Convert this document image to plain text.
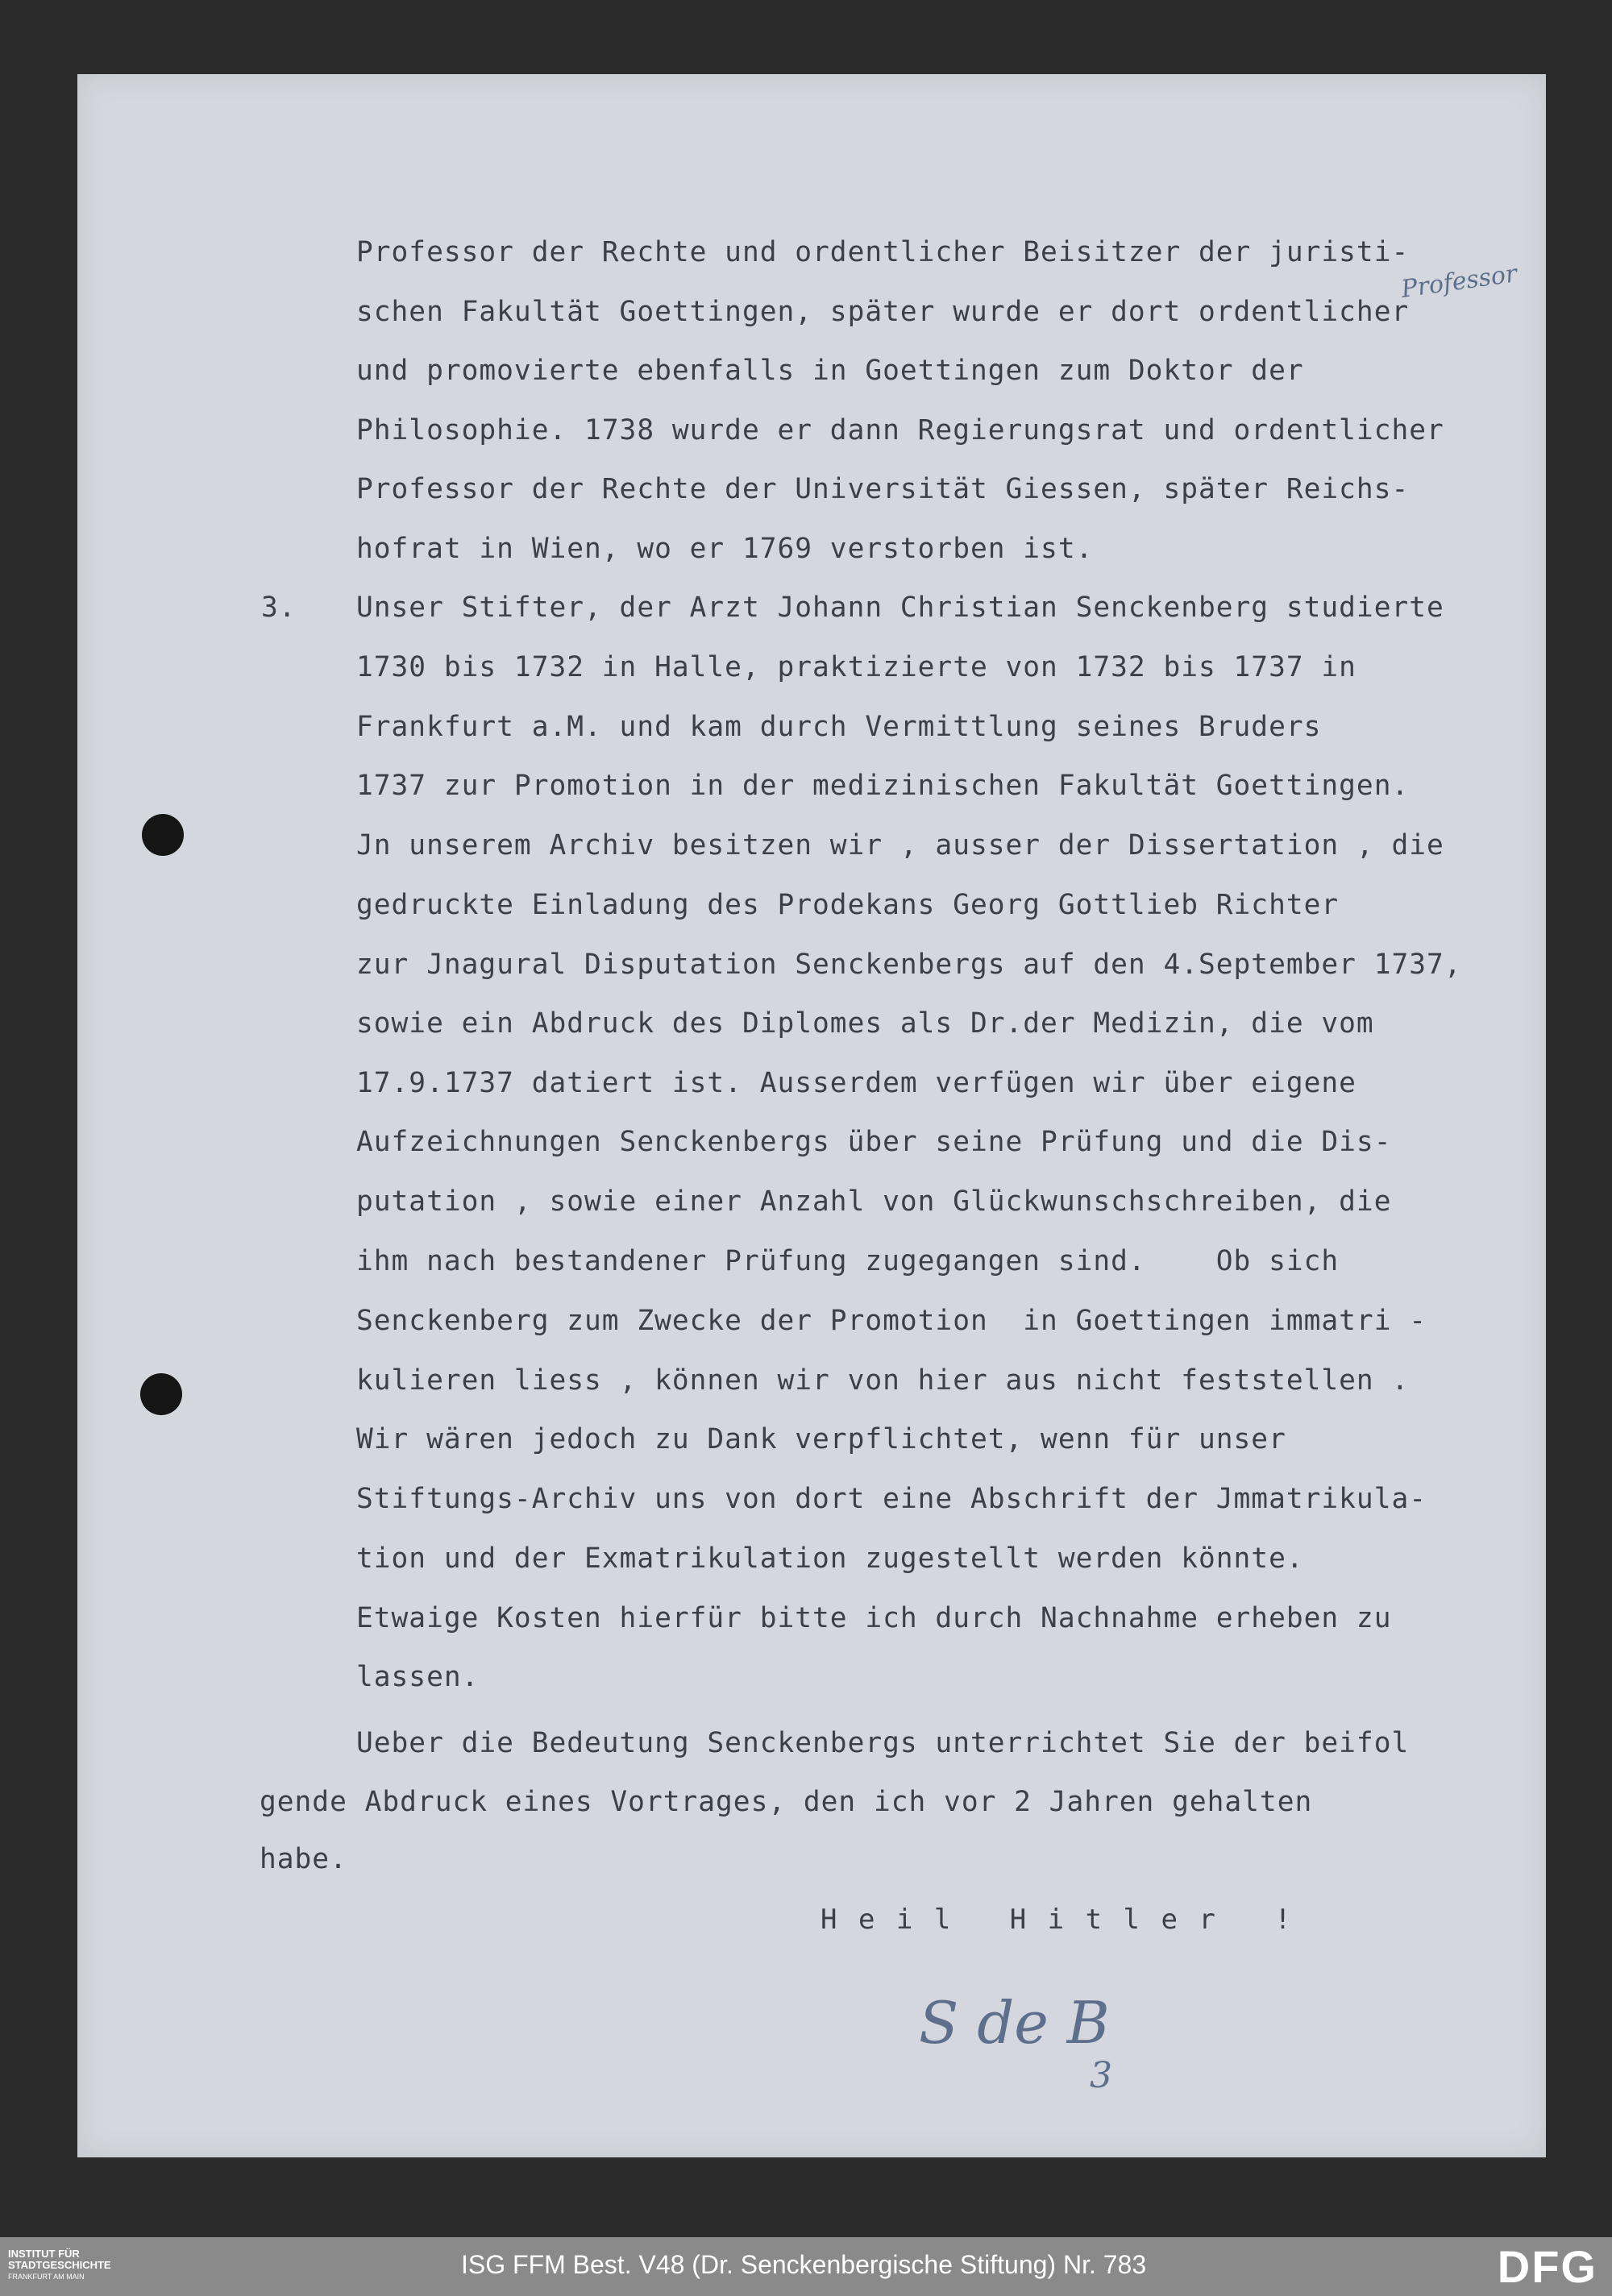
Professor der Rechte und ordentlicher Beisitzer der juristi-
schen Fakultät Goettingen, später wurde er dort ordentlicher
und promovierte ebenfalls in Goettingen zum Doktor der
Philosophie. 1738 wurde er dann Regierungsrat und ordentlicher
Professor der Rechte der Universität Giessen, später Reichs-
hofrat in Wien, wo er 1769 verstorben ist.
3. Unser Stifter, der Arzt Johann Christian Senckenberg studierte
1730 bis 1732 in Halle, praktizierte von 1732 bis 1737 in
Frankfurt a.M. und kam durch Vermittlung seines Bruders
1737 zur Promotion in der medizinischen Fakultät Goettingen.
Jn unserem Archiv besitzen wir , ausser der Dissertation , die
gedruckte Einladung des Prodekans Georg Gottlieb Richter
zur Jnagural Disputation Senckenbergs auf den 4.September 1737,
sowie ein Abdruck des Diplomes als Dr.der Medizin, die vom
17.9.1737 datiert ist. Ausserdem verfügen wir über eigene
Aufzeichnungen Senckenbergs über seine Prüfung und die Dis-
putation , sowie einer Anzahl von Glückwunschschreiben, die
ihm nach bestandener Prüfung zugegangen sind.    Ob sich
Senckenberg zum Zwecke der Promotion  in Goettingen immatri -
kulieren liess , können wir von hier aus nicht feststellen .
Wir wären jedoch zu Dank verpflichtet, wenn für unser
Stiftungs-Archiv uns von dort eine Abschrift der Jmmatrikula-
tion und der Exmatrikulation zugestellt werden könnte.
Etwaige Kosten hierfür bitte ich durch Nachnahme erheben zu
lassen.
Ueber die Bedeutung Senckenbergs unterrichtet Sie der beifol
gende Abdruck eines Vortrages, den ich vor 2 Jahren gehalten
habe.
H e i l   H i t l e r   !
Professor
S de B
3
INSTITUT FÜR
STADTGESCHICHTE
FRANKFURT AM MAIN	ISG FFM Best. V48 (Dr. Senckenbergische Stiftung) Nr. 783	DFG
